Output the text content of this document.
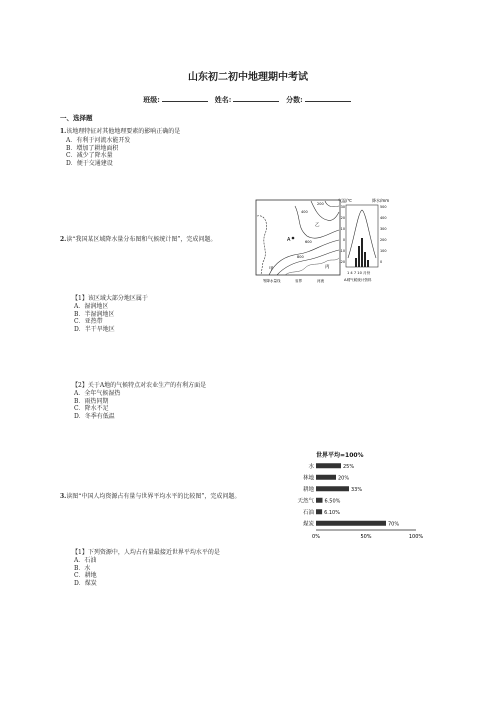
山东初二初中地理期中考试
班级:	姓名:	分数:
一、选择题
1.该地理特征对其他地理要素的影响正确的是
A．有利于河流水能开发
B．增加了耕地面积
C．减少了降水量
D．便于交通建设
2.读“我国某区域降水量分布图和气候统计图”，完成问题。	A
甲
乙
丙
200
400
600
800
等降水量线	省界	河流
气温/℃	降水/mm
30
20
10
0
-10
-20
500
400
300
200
100
0
1 4 7 10 月份
A城气候统计资料
【1】该区域大部分地区属于
A．湿润地区
B．半湿润地区
C．亚热带
D．半干旱地区
【2】关于A地的气候特点对农业生产的有利方面是
A．全年气候湿热
B．雨热同期
C．降水不足
D．冬季有低温
3.读图“中国人均资源占有量与世界平均水平的比较图”，完成问题。
世界平均=100%
水	25%
林地	20%
耕地	33%
天然气 6.50%
石油 6.10%
煤炭	70%
0%	50%	100%
【1】下列资源中，人均占有量最接近世界平均水平的是
A．石油
B．水
C．耕地
D．煤炭
